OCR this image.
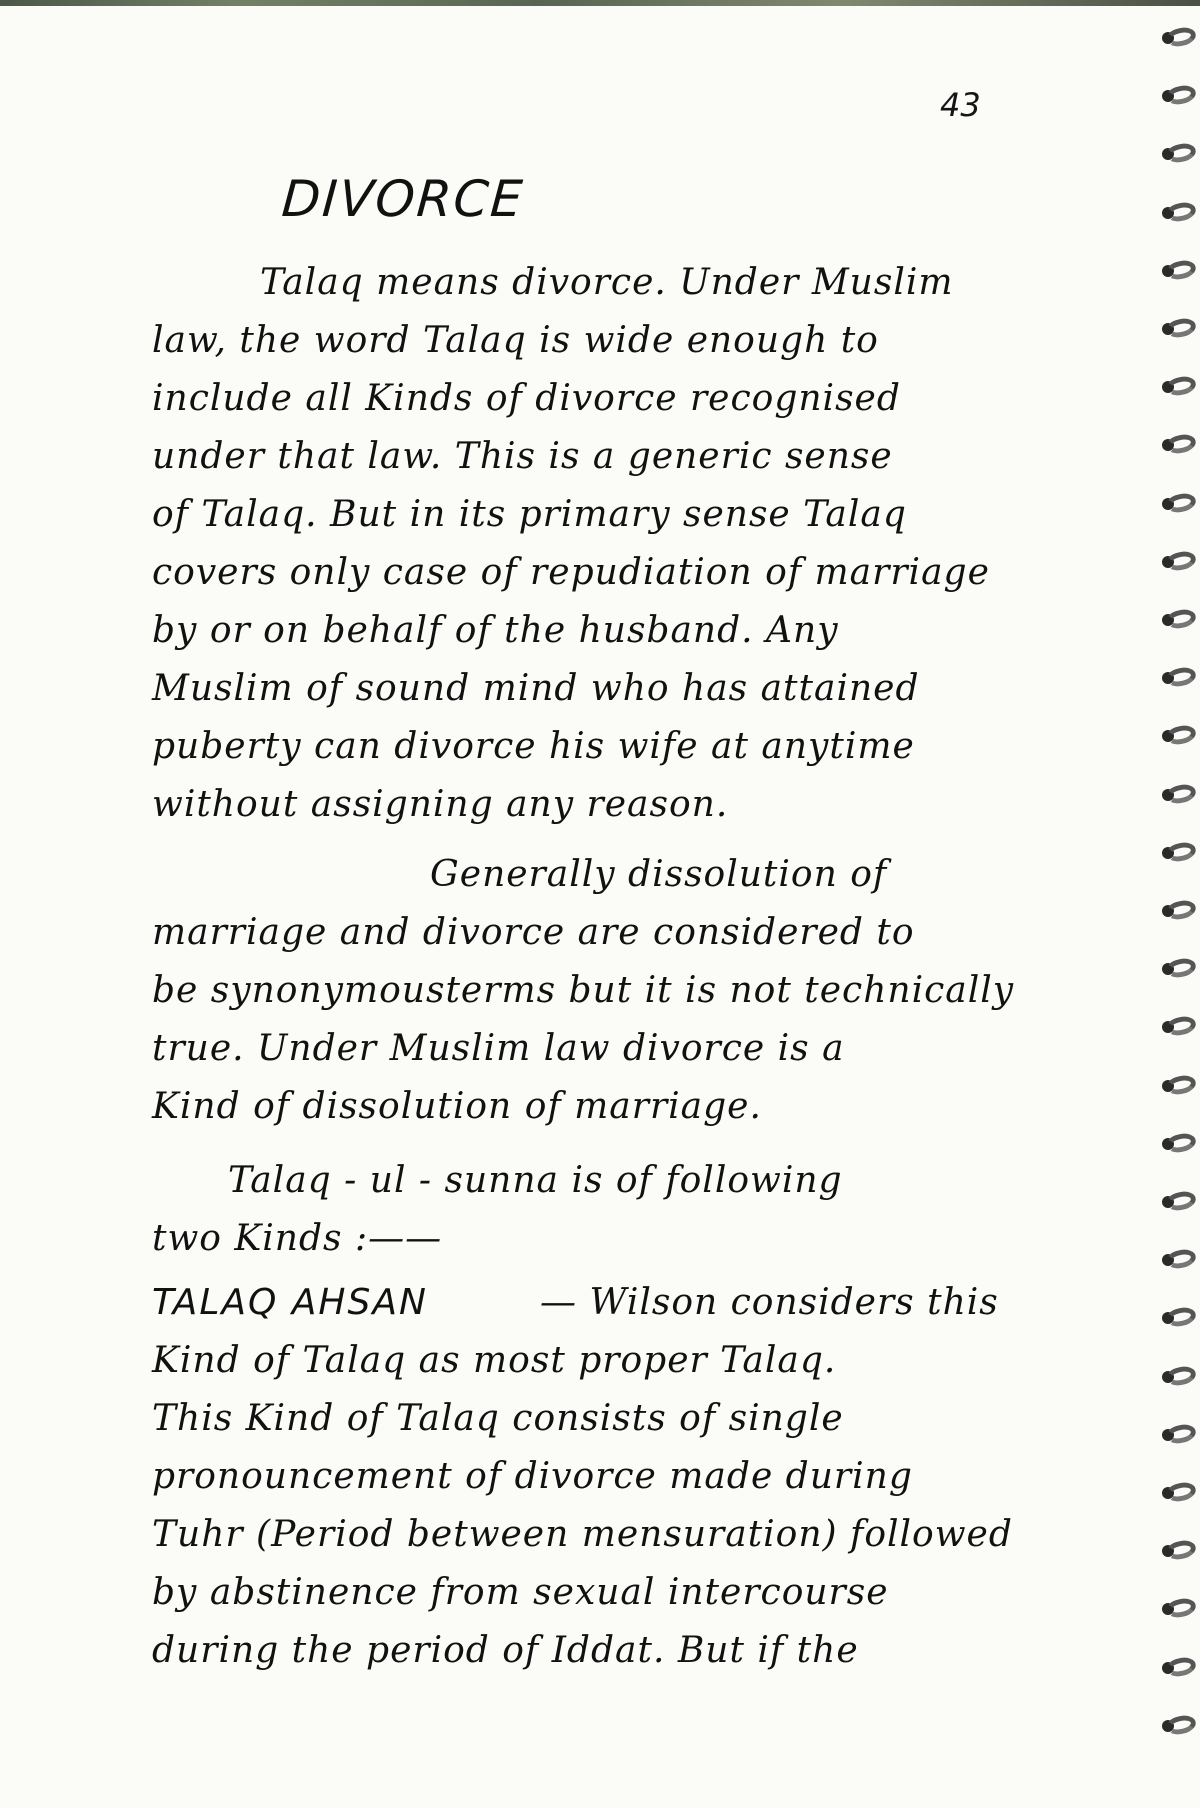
43
DIVORCE
Talaq means divorce. Under Muslim
law, the word Talaq is wide enough to
include all Kinds of divorce recognised
under that law. This is a generic sense
of Talaq. But in its primary sense Talaq
covers only case of repudiation of marriage
by or on behalf of the husband. Any
Muslim of sound mind who has attained
puberty can divorce his wife at anytime
without assigning any reason.
Generally dissolution of
marriage and divorce are considered to
be synonymousterms but it is not technically
true. Under Muslim law divorce is a
Kind of dissolution of marriage.
Talaq - ul - sunna is of following
two Kinds :——
TALAQ AHSAN	— Wilson considers this
Kind of Talaq as most proper Talaq.
This Kind of Talaq consists of single
pronouncement of divorce made during
Tuhr (Period between mensuration) followed
by abstinence from sexual intercourse
during the period of Iddat. But if the
